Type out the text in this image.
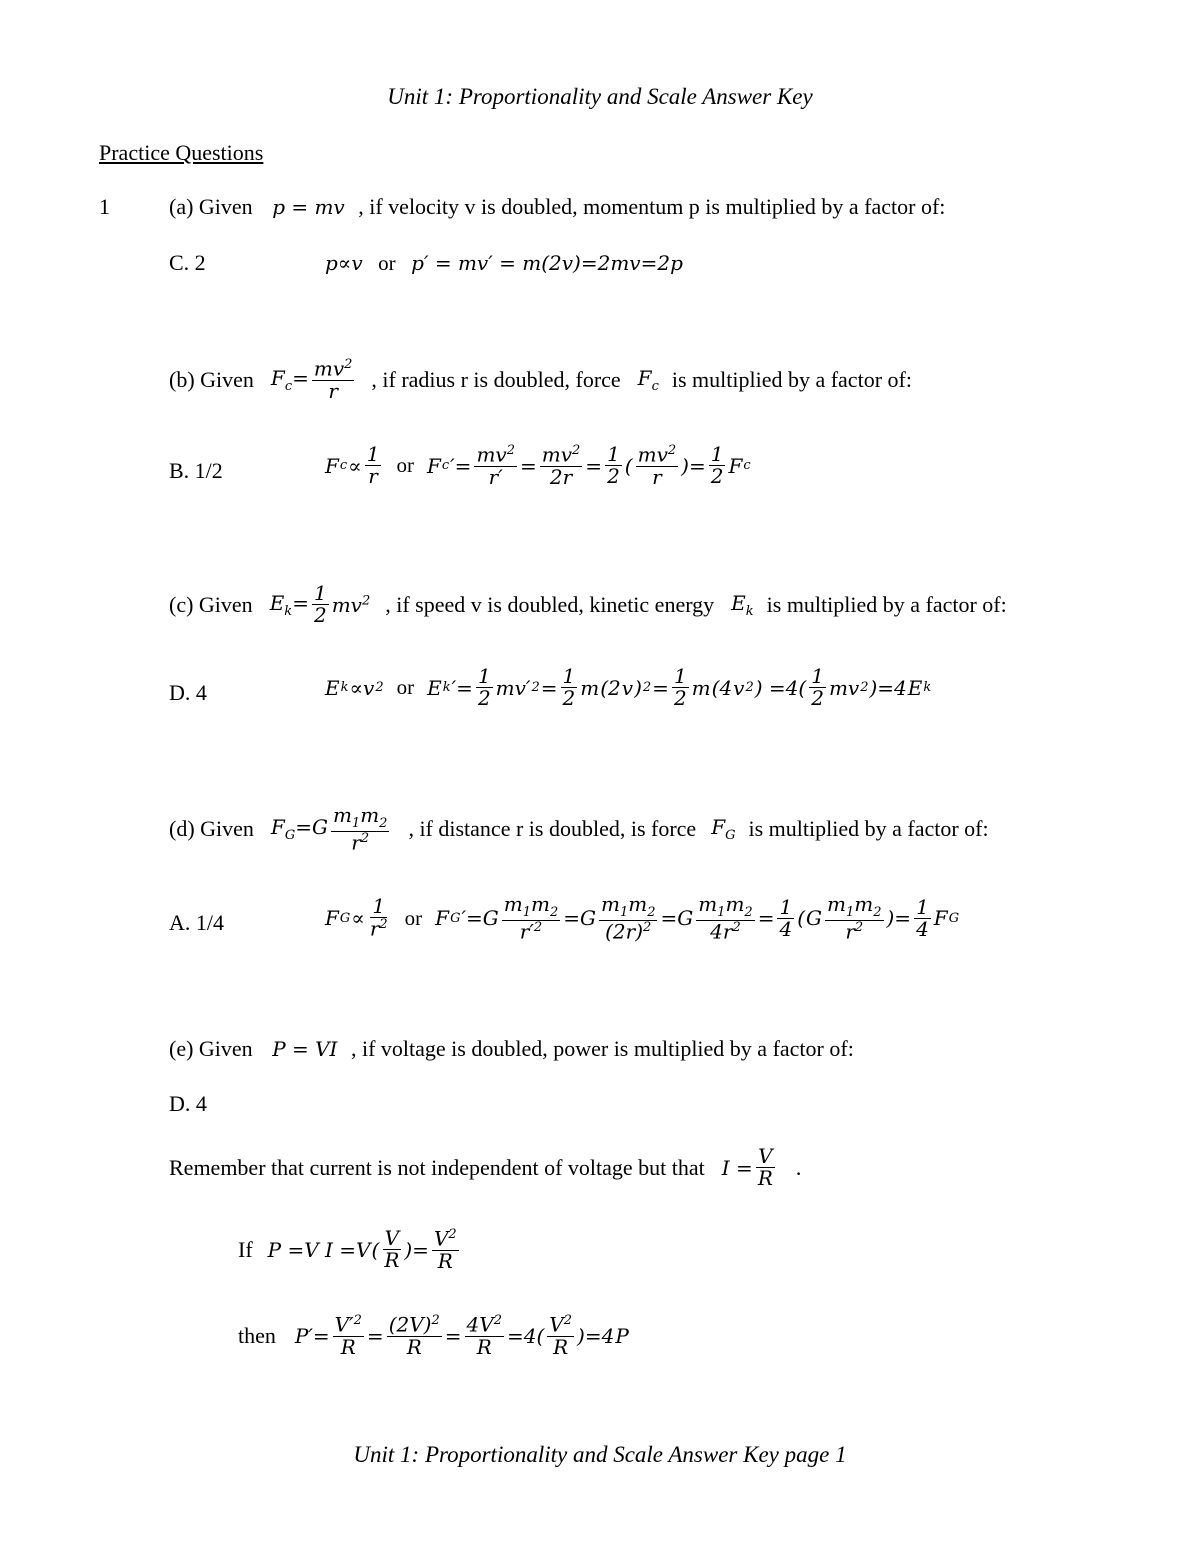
Unit 1: Proportionality and Scale Answer Key
Practice Questions
1	(a) Given p = mv , if velocity v is doubled, momentum p is multiplied by a factor of:
C. 2	p∝v or p′ = mv′ = m(2v)=2mv=2p
(b) Given $F_c= \frac{mv^2}{r}$ , if radius r is doubled, force $F_c$ is multiplied by a factor of:
B. 1/2	F $c \propto \frac{1}{r}$ or F c ′= $\frac{mv^2}{r'} = \frac{mv^2}{2r} = \frac{1}{2}$ ( $\frac{mv^2}{r}$ )= $\frac{1}{2}$ F c
(c) Given $E_k= \frac{1}{2} mv^2$ , if speed v is doubled, kinetic energy $E_k$ is multiplied by a factor of:
D. 4	E k ∝v 2 or E k ′= $\frac{1}{2} mv'$ $2 = \frac{1}{2}$ m (2 v ) $2 = \frac{1}{2}$ m (4 v 2 ) $=4( \frac{1}{2}$ mv 2 )=4 E k
(d) Given $F_G=G \frac{m_1m_2}{r^2}$ , if distance r is doubled, is force $F_G$ is multiplied by a factor of:
A. 1/4	F $G \propto \frac{1}{r^2}$ or F G $'=G \frac{m_1m_2}{r'^2} =G \frac{m_1m_2}{(2r)^2} =G \frac{m_1m_2}{4r^2} = \frac{1}{4}$ ( G $\frac{m_1m_2}{r^2}$ )= $\frac{1}{4}$ F G
(e) Given P = VI , if voltage is doubled, power is multiplied by a factor of:
D. 4
Remember that current is not independent of voltage but that $I = \frac{V}{R}$ .
If P =V I =V ( $\frac{V}{R}$ )= $\frac{V^2}{R}$
then $P'= \frac{V'^2}{R} = \frac{(2V)^2}{R} = \frac{4V^2}{R} =4( \frac{V^2}{R} )=4$ P
Unit 1: Proportionality and Scale Answer Key page 1
